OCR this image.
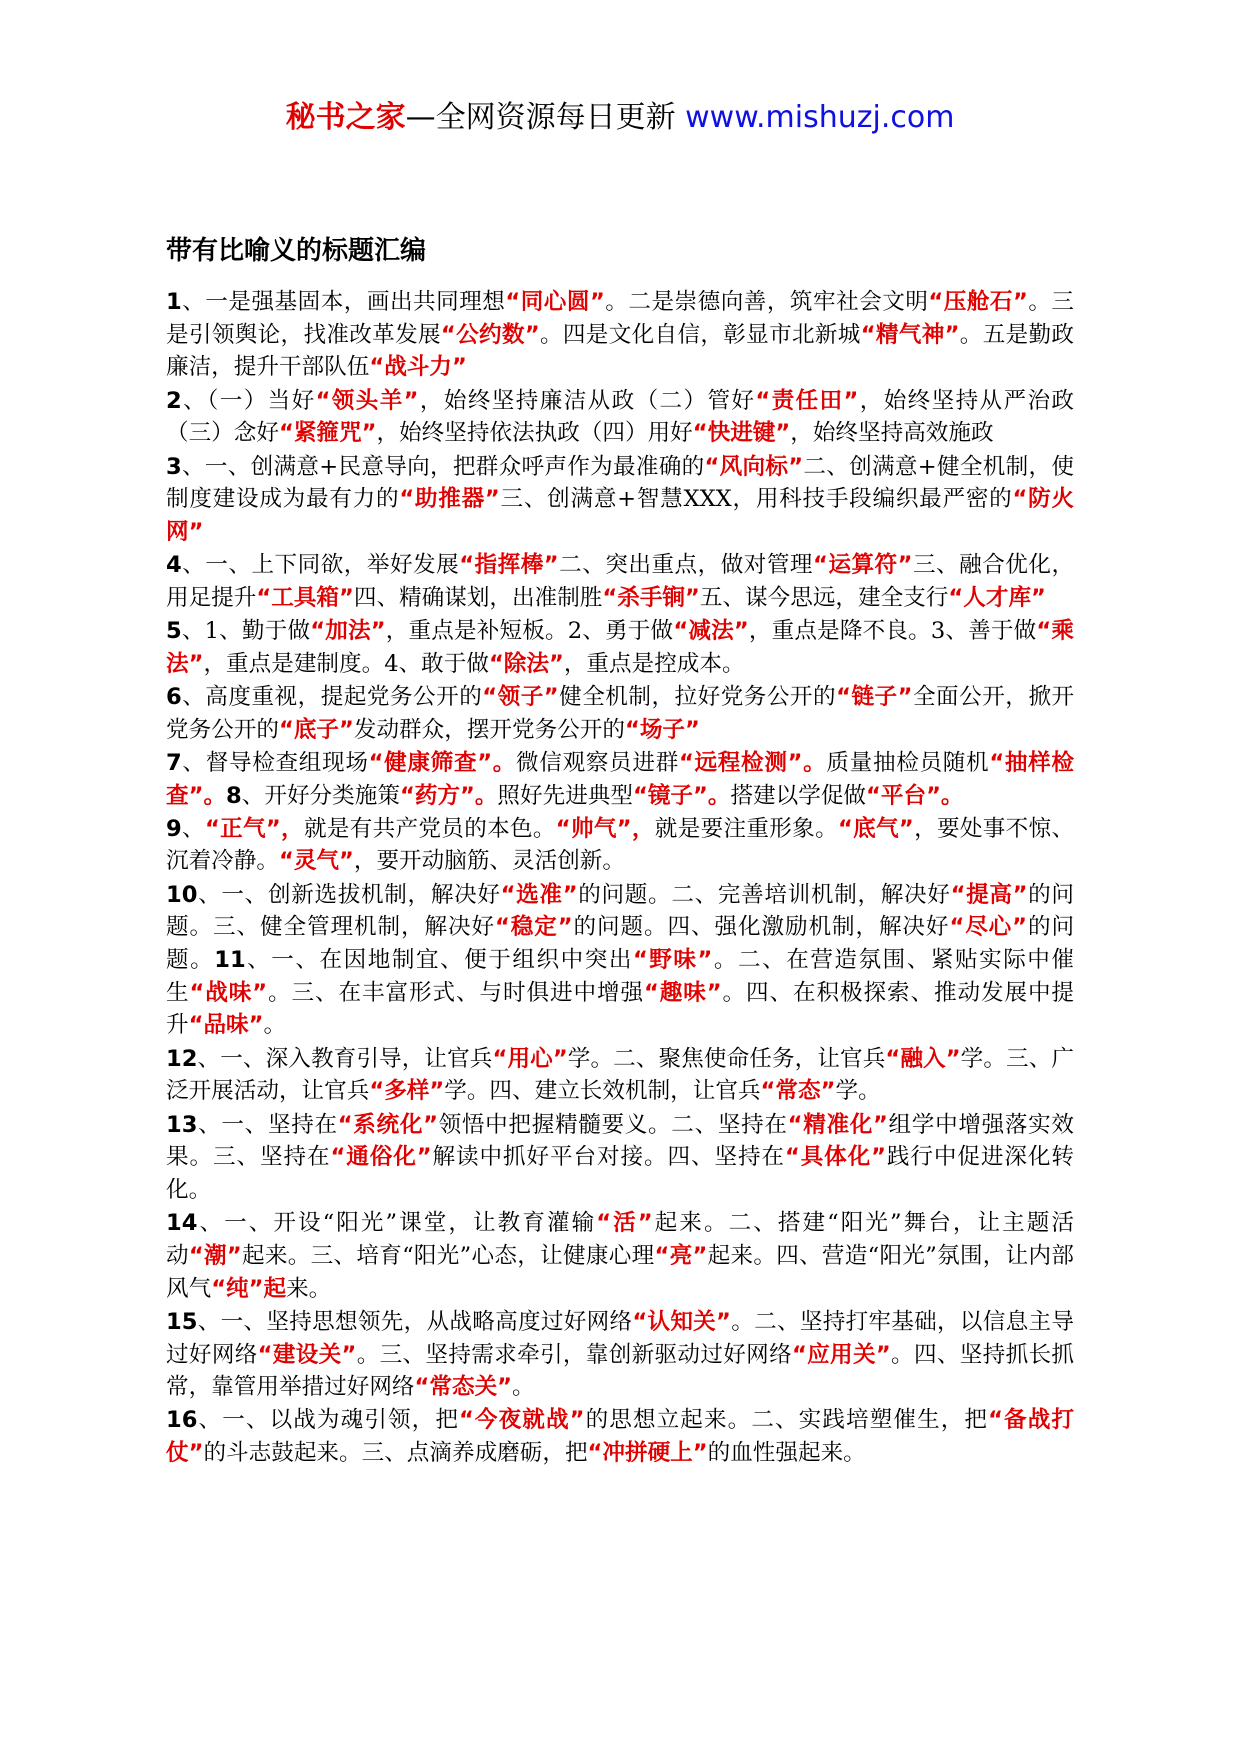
秘书之家—全网资源每日更新 www.mishuzj.com
带有比喻义的标题汇编

1、一是强基固本，画出共同理想“同心圆”。二是崇德向善，筑牢社会文明“压舱石”。三是引领舆论，找准改革发展“公约数”。四是文化自信，彰显市北新城“精气神”。五是勤政廉洁，提升干部队伍“战斗力”

2、（一）当好“领头羊”，始终坚持廉洁从政（二）管好“责任田”，始终坚持从严治政（三）念好“紧箍咒”，始终坚持依法执政（四）用好“快进键”，始终坚持高效施政

3、一、创满意+民意导向，把群众呼声作为最准确的“风向标”二、创满意+健全机制，使制度建设成为最有力的“助推器”三、创满意+智慧XXX，用科技手段编织最严密的“防火网”

4、一、上下同欲，举好发展“指挥棒”二、突出重点，做对管理“运算符”三、融合优化，用足提升“工具箱”四、精确谋划，出准制胜“杀手锏”五、谋今思远，建全支行“人才库”

5、1、勤于做“加法”，重点是补短板。2、勇于做“减法”，重点是降不良。3、善于做“乘法”，重点是建制度。4、敢于做“除法”，重点是控成本。

6、高度重视，提起党务公开的“领子”健全机制，拉好党务公开的“链子”全面公开，掀开党务公开的“底子”发动群众，摆开党务公开的“场子”

7、督导检查组现场“健康筛查”。微信观察员进群“远程检测”。质量抽检员随机“抽样检查”。8、开好分类施策“药方”。照好先进典型“镜子”。搭建以学促做“平台”。

9、“正气”，就是有共产党员的本色。“帅气”，就是要注重形象。“底气”，要处事不惊、沉着冷静。“灵气”，要开动脑筋、灵活创新。

10、一、创新选拔机制，解决好“选准”的问题。二、完善培训机制，解决好“提高”的问题。三、健全管理机制，解决好“稳定”的问题。四、强化激励机制，解决好“尽心”的问题。11、一、在因地制宜、便于组织中突出“野味”。二、在营造氛围、紧贴实际中催生“战味”。三、在丰富形式、与时俱进中增强“趣味”。四、在积极探索、推动发展中提升“品味”。

12、一、深入教育引导，让官兵“用心”学。二、聚焦使命任务，让官兵“融入”学。三、广泛开展活动，让官兵“多样”学。四、建立长效机制，让官兵“常态”学。

13、一、坚持在“系统化”领悟中把握精髓要义。二、坚持在“精准化”组学中增强落实效果。三、坚持在“通俗化”解读中抓好平台对接。四、坚持在“具体化”践行中促进深化转化。

14、一、开设“阳光”课堂，让教育灌输“活”起来。二、搭建“阳光”舞台，让主题活动“潮”起来。三、培育“阳光”心态，让健康心理“亮”起来。四、营造“阳光”氛围，让内部风气“纯”起来。

15、一、坚持思想领先，从战略高度过好网络“认知关”。二、坚持打牢基础，以信息主导过好网络“建设关”。三、坚持需求牵引，靠创新驱动过好网络“应用关”。四、坚持抓长抓常，靠管用举措过好网络“常态关”。

16、一、以战为魂引领，把“今夜就战”的思想立起来。二、实践培塑催生，把“备战打仗”的斗志鼓起来。三、点滴养成磨砺，把“冲拼硬上”的血性强起来。
